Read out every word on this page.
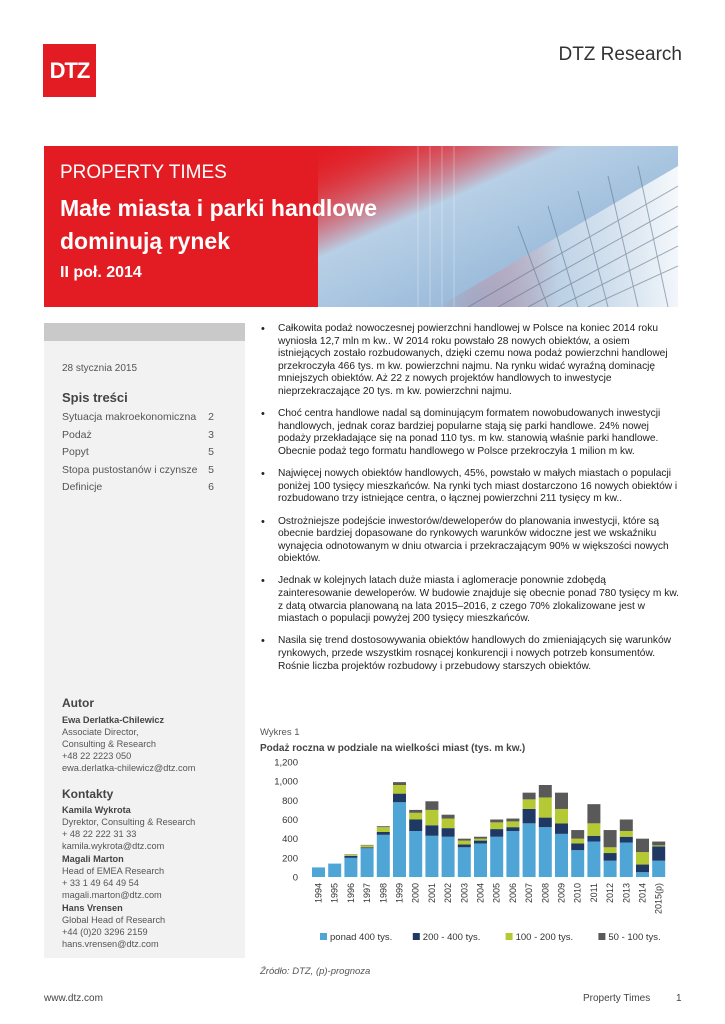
DTZ
DTZ Research
PROPERTY TIMES
Małe miasta i parki handlowe dominują rynek
II poł. 2014
28 stycznia 2015
Spis treści
Sytuacja makroekonomiczna 2
Podaż	3
Popyt	5
Stopa pustostanów i czynsze 5
Definicje	6
Autor
Ewa Derlatka-Chilewicz
Associate Director,
Consulting & Research
+48 22 2223 050
ewa.derlatka-chilewicz@dtz.com
Kontakty
Kamila Wykrota
Dyrektor, Consulting & Research
+ 48 22 222 31 33
kamila.wykrota@dtz.com
Magali Marton
Head of EMEA Research
+ 33 1 49 64 49 54
magali.marton@dtz.com
Hans Vrensen
Global Head of Research
+44 (0)20 3296 2159
hans.vrensen@dtz.com
• Całkowita podaż nowoczesnej powierzchni handlowej w Polsce na koniec 2014 roku wyniosła 12,7 mln m kw.. W 2014 roku powstało 28 nowych obiektów, a osiem istniejących zostało rozbudowanych, dzięki czemu nowa podaż powierzchni handlowej przekroczyła 466 tys. m kw. powierzchni najmu. Na rynku widać wyraźną dominację mniejszych obiektów. Aż 22 z nowych projektów handlowych to inwestycje nieprzekraczające 20 tys. m kw. powierzchni najmu.
• Choć centra handlowe nadal są dominującym formatem nowobudowanych inwestycji handlowych, jednak coraz bardziej popularne stają się parki handlowe. 24% nowej podaży przekładające się na ponad 110 tys. m kw. stanowią właśnie parki handlowe. Obecnie podaż tego formatu handlowego w Polsce przekroczyła 1 milion m kw.
• Najwięcej nowych obiektów handlowych, 45%, powstało w małych miastach o populacji poniżej 100 tysięcy mieszkańców. Na rynki tych miast dostarczono 16 nowych obiektów i rozbudowano trzy istniejące centra, o łącznej powierzchni 211 tysięcy m kw..
• Ostrożniejsze podejście inwestorów/deweloperów do planowania inwestycji, które są obecnie bardziej dopasowane do rynkowych warunków widoczne jest we wskaźniku wynajęcia odnotowanym w dniu otwarcia i przekraczającym 90% w większości nowych obiektów.
• Jednak w kolejnych latach duże miasta i aglomeracje ponownie zdobędą zainteresowanie deweloperów. W budowie znajduje się obecnie ponad 780 tysięcy m kw. z datą otwarcia planowaną na lata 2015–2016, z czego 70% zlokalizowane jest w miastach o populacji powyżej 200 tysięcy mieszkańców.
• Nasila się trend dostosowywania obiektów handlowych do zmieniających się warunków rynkowych, przede wszystkim rosnącej konkurencji i nowych potrzeb konsumentów. Rośnie liczba projektów rozbudowy i przebudowy starszych obiektów.
Wykres 1
Podaż roczna w podziale na wielkości miast (tys. m kw.)
1,200
1,000
800
600
400
200
0
1994 1995 1996 1997 1998 1999 2000 2001 2002 2003 2004 2005 2006 2007 2008 2009 2010 2011 2012 2013 2014 2015(p)
ponad 400 tys.	200 - 400 tys.	100 - 200 tys.	50 - 100 tys.
Źródło: DTZ, (p)-prognoza
www.dtz.com	Property Times	1
